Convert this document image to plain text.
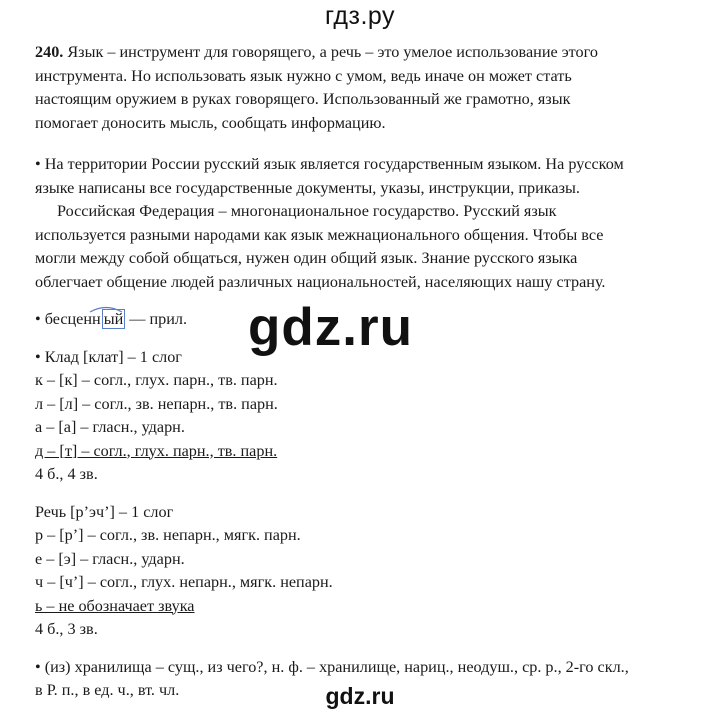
гдз.ру

240. Язык – инструмент для говорящего, а речь – это умелое использование этого

инструмента. Но использовать язык нужно с умом, ведь иначе он может стать

настоящим оружием в руках говорящего. Использованный же грамотно, язык

помогает доносить мысль, сообщать информацию.

• На территории России русский язык является государственным языком. На русском

языке написаны все государственные документы, указы, инструкции, приказы.

Российская Федерация – многонациональное государство. Русский язык

используется разными народами как язык межнационального общения. Чтобы все

могли между собой общаться, нужен один общий язык. Знание русского языка

облегчает общение людей различных национальностей, населяющих нашу страну.

•
бесценн ый — прил.

• Клад [клат] – 1 слог

к – [к] – согл., глух. парн., тв. парн.

л – [л] – согл., зв. непарн., тв. парн.

а – [а] – гласн., ударн.

д – [т] – согл., глух. парн., тв. парн.

4 б., 4 зв.

Речь [р’эч’] – 1 слог

р – [р’] – согл., зв. непарн., мягк. парн.

е – [э] – гласн., ударн.

ч – [ч’] – согл., глух. непарн., мягк. непарн.

ь – не обозначает звука

4 б., 3 зв.

• (из) хранилища – сущ., из чего?, н. ф. – хранилище, нариц., неодуш., ср. р., 2-го скл.,

в Р. п., в ед. ч., вт. чл.

gdz.ru
gdz.ru
